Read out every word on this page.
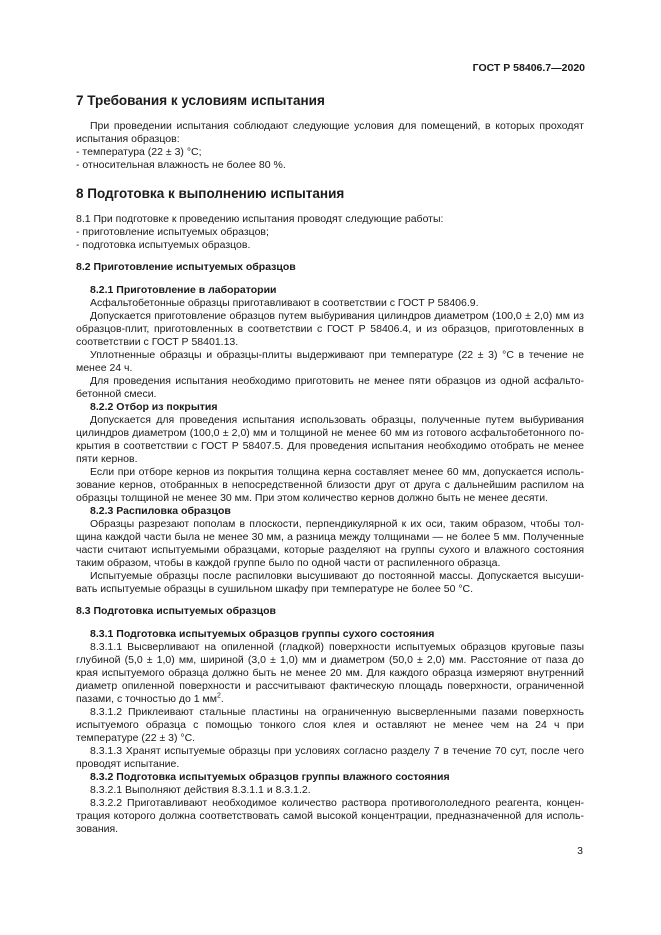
ГОСТ Р 58406.7—2020
7 Требования к условиям испытания

При проведении испытания соблюдают следующие условия для помещений, в которых проходят испытания образцов:

- температура (22 ± 3) °С;

- относительная влажность не более 80 %.

8 Подготовка к выполнению испытания

8.1 При подготовке к проведению испытания проводят следующие работы:

- приготовление испытуемых образцов;

- подготовка испытуемых образцов.

8.2 Приготовление испытуемых образцов
8.2.1 Приготовление в лаборатории

Асфальтобетонные образцы приготавливают в соответствии с ГОСТ Р 58406.9.

Допускается приготовление образцов путем выбуривания цилиндров диаметром (100,0 ± 2,0) мм из образцов-плит, приготовленных в соответствии с ГОСТ Р 58406.4, и из образцов, приготовленных в соответствии с ГОСТ Р 58401.13.

Уплотненные образцы и образцы-плиты выдерживают при температуре (22 ± 3) °С в течение не менее 24 ч.

Для проведения испытания необходимо приготовить не менее пяти образцов из одной асфальтобетонной смеси.

8.2.2 Отбор из покрытия

Допускается для проведения испытания использовать образцы, полученные путем выбуривания цилиндров диаметром (100,0 ± 2,0) мм и толщиной не менее 60 мм из готового асфальтобетонного покрытия в соответствии с ГОСТ Р 58407.5. Для проведения испытания необходимо отобрать не менее пяти кернов.

Если при отборе кернов из покрытия толщина керна составляет менее 60 мм, допускается использование кернов, отобранных в непосредственной близости друг от друга с дальнейшим распилом на образцы толщиной не менее 30 мм. При этом количество кернов должно быть не менее десяти.

8.2.3 Распиловка образцов

Образцы разрезают пополам в плоскости, перпендикулярной к их оси, таким образом, чтобы толщина каждой части была не менее 30 мм, а разница между толщинами — не более 5 мм. Полученные части считают испытуемыми образцами, которые разделяют на группы сухого и влажного состояния таким образом, чтобы в каждой группе было по одной части от распиленного образца.

Испытуемые образцы после распиловки высушивают до постоянной массы. Допускается высушивать испытуемые образцы в сушильном шкафу при температуре не более 50 °С.

8.3 Подготовка испытуемых образцов
8.3.1 Подготовка испытуемых образцов группы сухого состояния

8.3.1.1 Высверливают на опиленной (гладкой) поверхности испытуемых образцов круговые пазы глубиной (5,0 ± 1,0) мм, шириной (3,0 ± 1,0) мм и диаметром (50,0 ± 2,0) мм. Расстояние от паза до края испытуемого образца должно быть не менее 20 мм. Для каждого образца измеряют внутренний диаметр опиленной поверхности и рассчитывают фактическую площадь поверхности, ограниченной пазами, с точностью до 1 $мм^2$.

8.3.1.2 Приклеивают стальные пластины на ограниченную высверленными пазами поверхность испытуемого образца с помощью тонкого слоя клея и оставляют не менее чем на 24 ч при температуре (22 ± 3) °С.

8.3.1.3 Хранят испытуемые образцы при условиях согласно разделу 7 в течение 70 сут, после чего проводят испытание.

8.3.2 Подготовка испытуемых образцов группы влажного состояния

8.3.2.1 Выполняют действия 8.3.1.1 и 8.3.1.2.

8.3.2.2 Приготавливают необходимое количество раствора противогололедного реагента, концентрация которого должна соответствовать самой высокой концентрации, предназначенной для использования.

3
